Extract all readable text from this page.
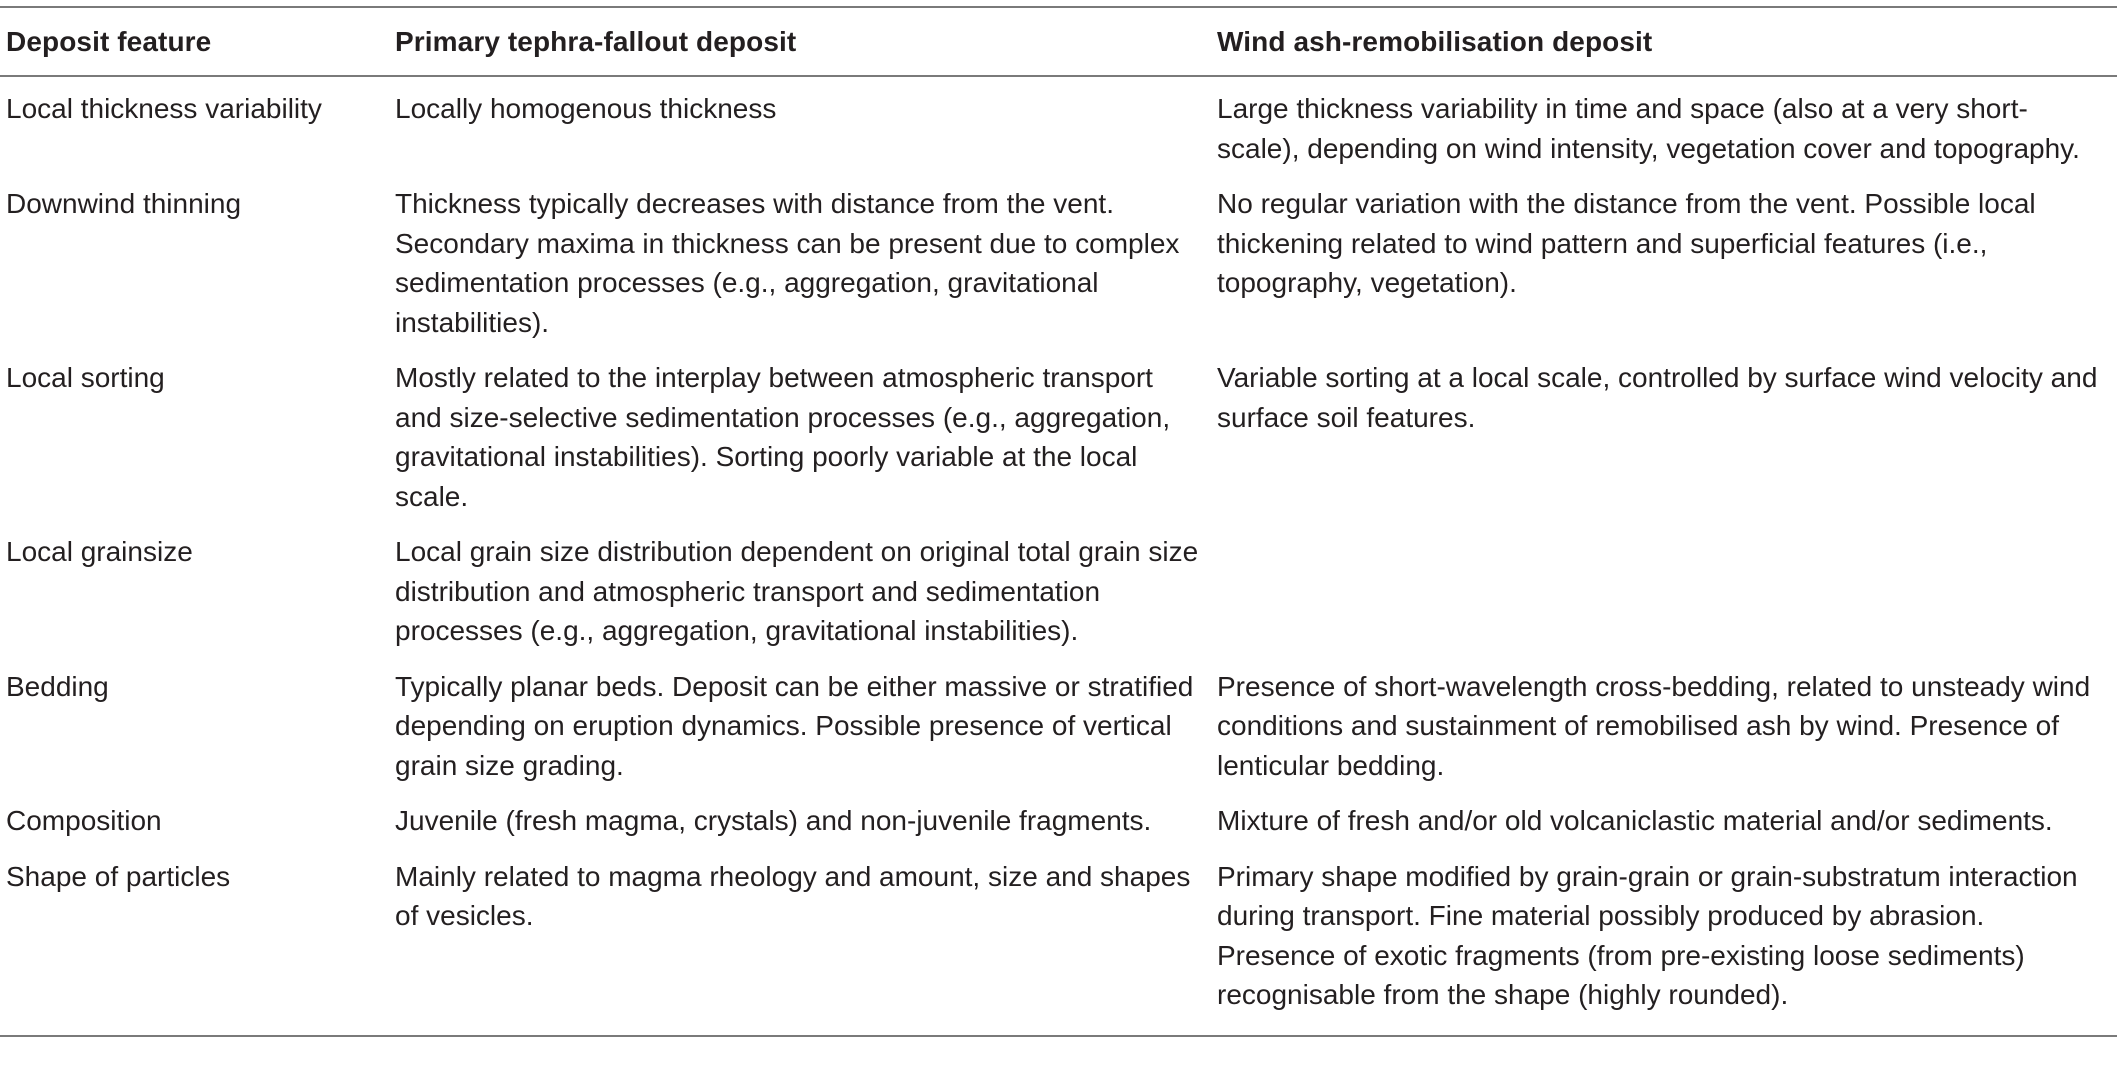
Deposit feature	Primary tephra-fallout deposit	Wind ash-remobilisation deposit
Local thickness variability	Locally homogenous thickness	Large thickness variability in time and space (also at a very short-scale), depending on wind intensity, vegetation cover and topography.
Downwind thinning	Thickness typically decreases with distance from the vent. Secondary maxima in thickness can be present due to complex sedimentation processes (e.g., aggregation, gravitational instabilities).	No regular variation with the distance from the vent. Possible local thickening related to wind pattern and superficial features (i.e., topography, vegetation).
Local sorting	Mostly related to the interplay between atmospheric transport and size-selective sedimentation processes (e.g., aggregation, gravitational instabilities). Sorting poorly variable at the local scale.	Variable sorting at a local scale, controlled by surface wind velocity and surface soil features.
Local grainsize	Local grain size distribution dependent on original total grain size distribution and atmospheric transport and sedimentation processes (e.g., aggregation, gravitational instabilities).	
Bedding	Typically planar beds. Deposit can be either massive or stratified depending on eruption dynamics. Possible presence of vertical grain size grading.	Presence of short-wavelength cross-bedding, related to unsteady wind conditions and sustainment of remobilised ash by wind. Presence of lenticular bedding.
Composition	Juvenile (fresh magma, crystals) and non-juvenile fragments.	Mixture of fresh and/or old volcaniclastic material and/or sediments.
Shape of particles	Mainly related to magma rheology and amount, size and shapes of vesicles.	Primary shape modified by grain-grain or grain-substratum interaction during transport. Fine material possibly produced by abrasion. Presence of exotic fragments (from pre-existing loose sediments) recognisable from the shape (highly rounded).
